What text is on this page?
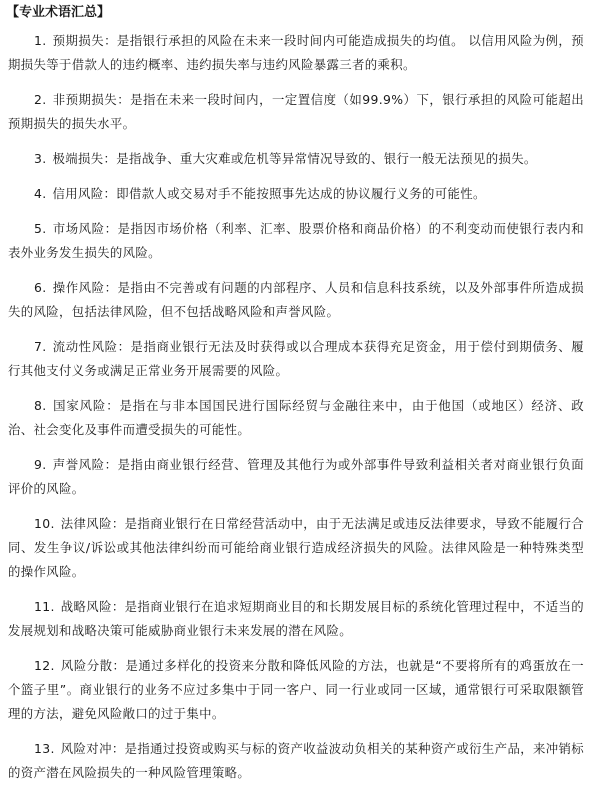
【专业术语汇总】
1. 预期损失：是指银行承担的风险在未来一段时间内可能造成损失的均值。 以信用风险为例，预期损失等于借款人的违约概率、违约损失率与违约风险暴露三者的乘积。
2. 非预期损失：是指在未来一段时间内，一定置信度（如99.9%）下，银行承担的风险可能超出预期损失的损失水平。
3. 极端损失：是指战争、重大灾难或危机等异常情况导致的、银行一般无法预见的损失。
4. 信用风险：即借款人或交易对手不能按照事先达成的协议履行义务的可能性。
5. 市场风险：是指因市场价格（利率、汇率、股票价格和商品价格）的不利变动而使银行表内和表外业务发生损失的风险。
6. 操作风险：是指由不完善或有问题的内部程序、人员和信息科技系统，以及外部事件所造成损失的风险，包括法律风险，但不包括战略风险和声誉风险。
7. 流动性风险：是指商业银行无法及时获得或以合理成本获得充足资金，用于偿付到期债务、履行其他支付义务或满足正常业务开展需要的风险。
8. 国家风险：是指在与非本国国民进行国际经贸与金融往来中，由于他国（或地区）经济、政治、社会变化及事件而遭受损失的可能性。
9. 声誉风险：是指由商业银行经营、管理及其他行为或外部事件导致利益相关者对商业银行负面评价的风险。
10. 法律风险：是指商业银行在日常经营活动中，由于无法满足或违反法律要求，导致不能履行合同、发生争议/诉讼或其他法律纠纷而可能给商业银行造成经济损失的风险。法律风险是一种特殊类型的操作风险。
11. 战略风险：是指商业银行在追求短期商业目的和长期发展目标的系统化管理过程中，不适当的发展规划和战略决策可能威胁商业银行未来发展的潜在风险。
12. 风险分散：是通过多样化的投资来分散和降低风险的方法，也就是“不要将所有的鸡蛋放在一个篮子里”。商业银行的业务不应过多集中于同一客户、同一行业或同一区域，通常银行可采取限额管理的方法，避免风险敞口的过于集中。
13. 风险对冲：是指通过投资或购买与标的资产收益波动负相关的某种资产或衍生产品，来冲销标的资产潜在风险损失的一种风险管理策略。
